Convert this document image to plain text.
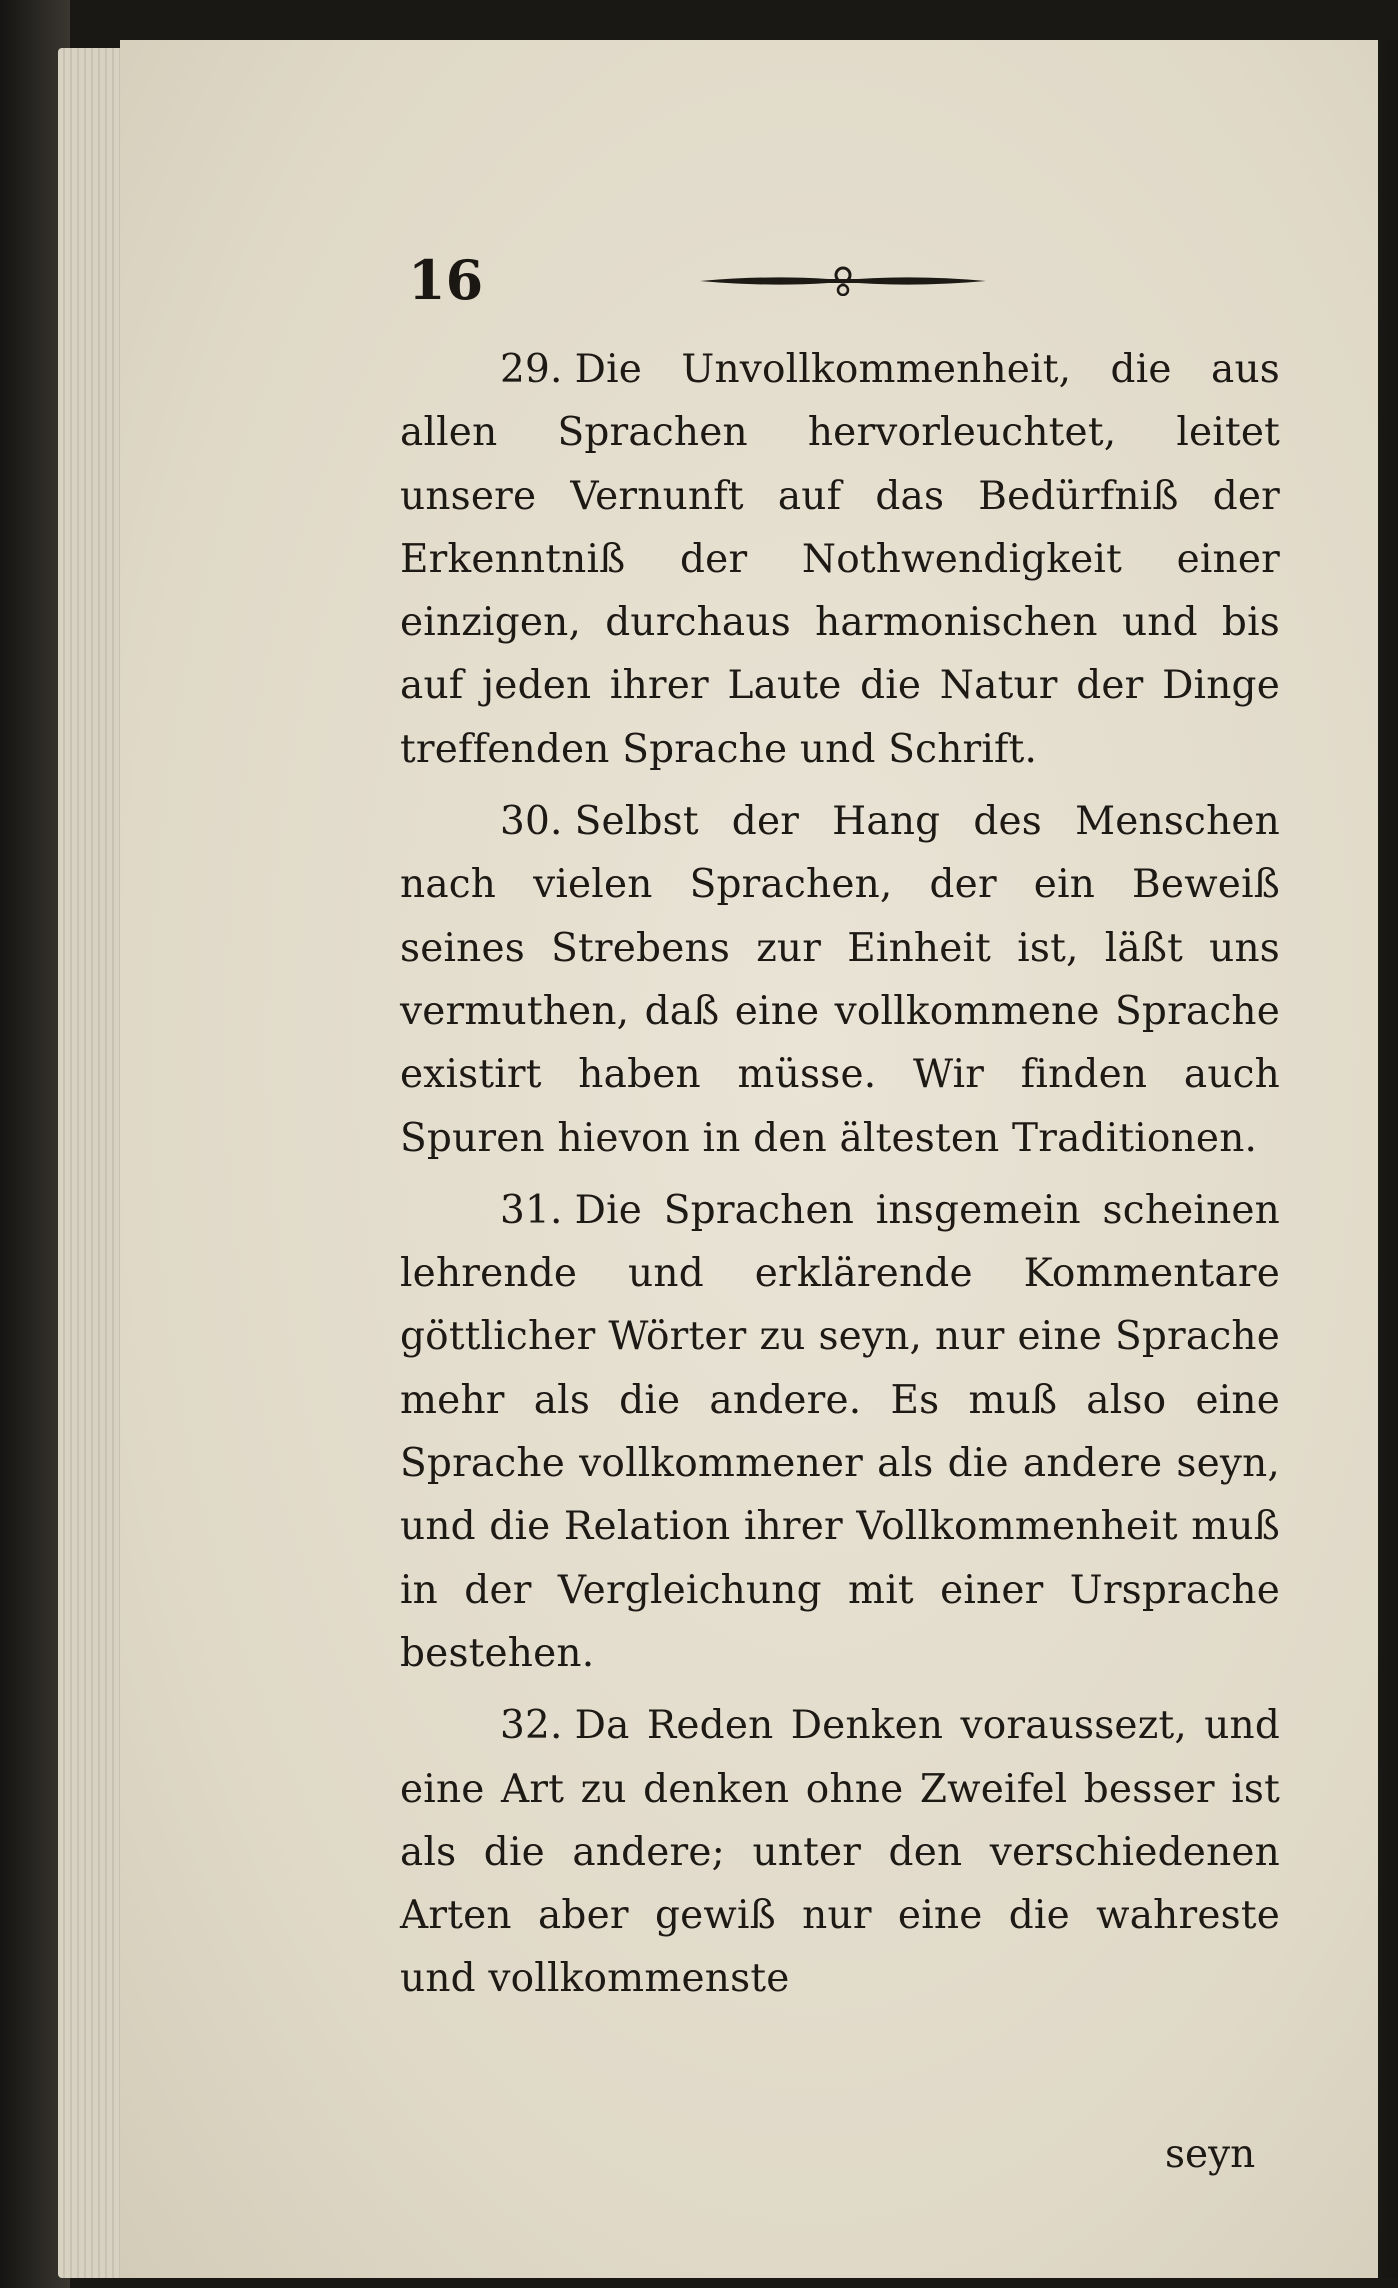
16

29. Die Unvollkommenheit, die aus allen Sprachen hervorleuchtet, leitet unsere Vernunft auf das Bedürfniß der Erkenntniß der Nothwendigkeit einer einzigen, durchaus harmonischen und bis auf jeden ihrer Laute die Natur der Dinge treffenden Sprache und Schrift.

30. Selbst der Hang des Menschen nach vielen Sprachen, der ein Beweiß seines Strebens zur Einheit ist, läßt uns vermuthen, daß eine vollkommene Sprache existirt haben müsse. Wir finden auch Spuren hievon in den ältesten Traditionen.

31. Die Sprachen insgemein scheinen lehrende und erklärende Kommentare göttlicher Wörter zu seyn, nur eine Sprache mehr als die andere. Es muß also eine Sprache vollkommener als die andere seyn, und die Relation ihrer Vollkommenheit muß in der Vergleichung mit einer Ursprache bestehen.

32. Da Reden Denken voraussezt, und eine Art zu denken ohne Zweifel besser ist als die andere; unter den verschiedenen Arten aber gewiß nur eine die wahreste und vollkommenste

seyn
